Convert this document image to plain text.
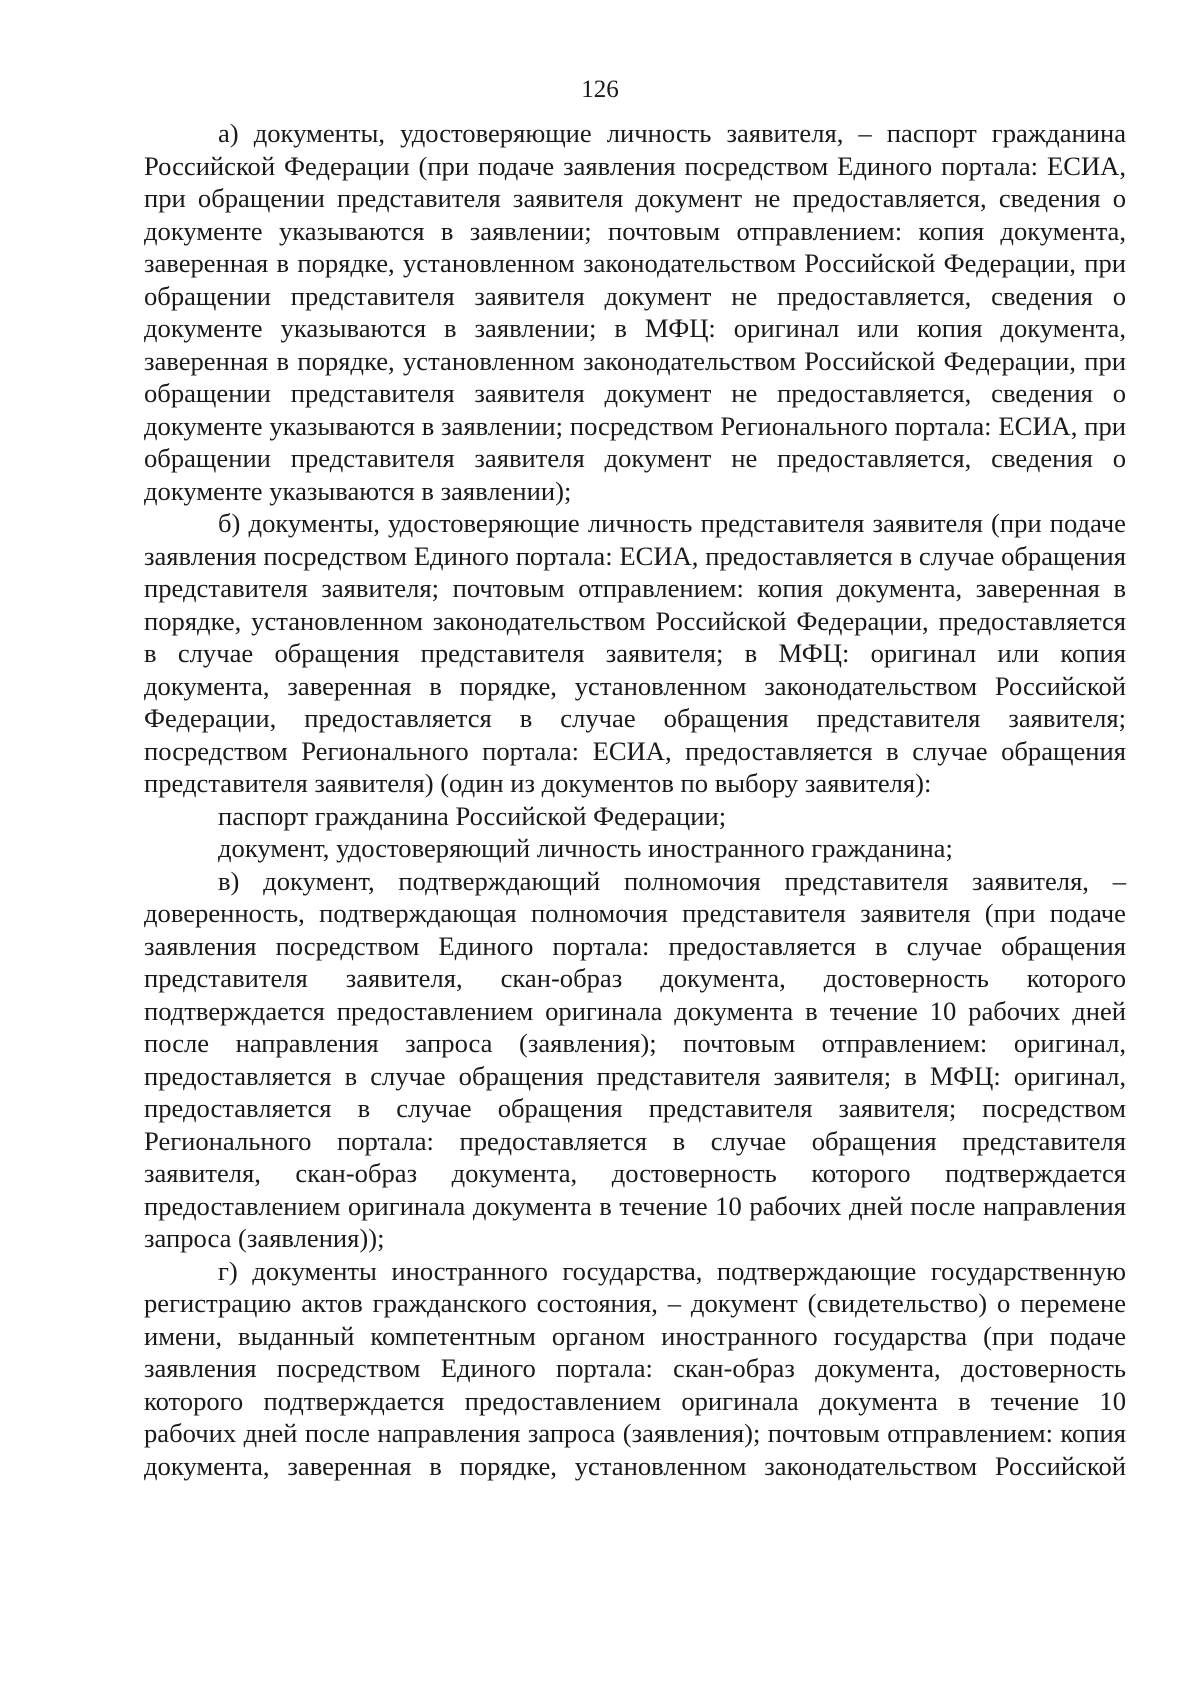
126

а) документы, удостоверяющие личность заявителя, – паспорт гражданина Российской Федерации (при подаче заявления посредством Единого портала: ЕСИА, при обращении представителя заявителя документ не предоставляется, сведения о документе указываются в заявлении; почтовым отправлением: копия документа, заверенная в порядке, установленном законодательством Российской Федерации, при обращении представителя заявителя документ не предоставляется, сведения о документе указываются в заявлении; в МФЦ: оригинал или копия документа, заверенная в порядке, установленном законодательством Российской Федерации, при обращении представителя заявителя документ не предоставляется, сведения о документе указываются в заявлении; посредством Регионального портала: ЕСИА, при обращении представителя заявителя документ не предоставляется, сведения о документе указываются в заявлении);

б) документы, удостоверяющие личность представителя заявителя (при подаче заявления посредством Единого портала: ЕСИА, предоставляется в случае обращения представителя заявителя; почтовым отправлением: копия документа, заверенная в порядке, установленном законодательством Российской Федерации, предоставляется в случае обращения представителя заявителя; в МФЦ: оригинал или копия документа, заверенная в порядке, установленном законодательством Российской Федерации, предоставляется в случае обращения представителя заявителя; посредством Регионального портала: ЕСИА, предоставляется в случае обращения представителя заявителя) (один из документов по выбору заявителя):

паспорт гражданина Российской Федерации;

документ, удостоверяющий личность иностранного гражданина;

в) документ, подтверждающий полномочия представителя заявителя, – доверенность, подтверждающая полномочия представителя заявителя (при подаче заявления посредством Единого портала: предоставляется в случае обращения представителя заявителя, скан-образ документа, достоверность которого подтверждается предоставлением оригинала документа в течение 10 рабочих дней после направления запроса (заявления); почтовым отправлением: оригинал, предоставляется в случае обращения представителя заявителя; в МФЦ: оригинал, предоставляется в случае обращения представителя заявителя; посредством Регионального портала: предоставляется в случае обращения представителя заявителя, скан-образ документа, достоверность которого подтверждается предоставлением оригинала документа в течение 10 рабочих дней после направления запроса (заявления));

г) документы иностранного государства, подтверждающие государственную регистрацию актов гражданского состояния, – документ (свидетельство) о перемене имени, выданный компетентным органом иностранного государства (при подаче заявления посредством Единого портала: скан-образ документа, достоверность которого подтверждается предоставлением оригинала документа в течение 10 рабочих дней после направления запроса (заявления); почтовым отправлением: копия документа, заверенная в порядке, установленном законодательством Российской
